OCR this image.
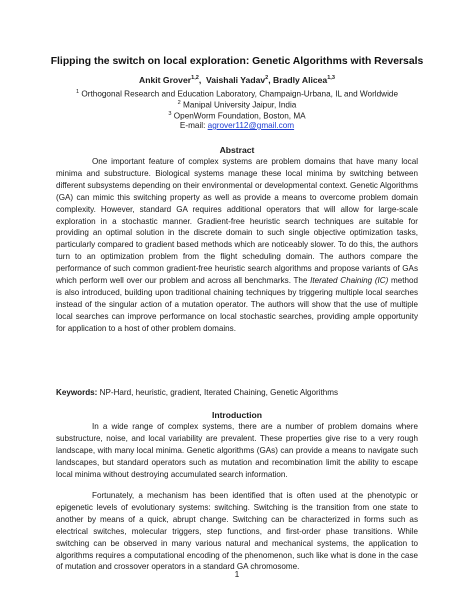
Flipping the switch on local exploration: Genetic Algorithms with Reversals
Ankit Grover$^{1,2}$,  Vaishali Yadav$^2$, Bradly Alicea$^{1,3}$
$^1$ Orthogonal Research and Education Laboratory, Champaign-Urbana, IL and Worldwide
$^2$ Manipal University Jaipur, India
$^3$ OpenWorm Foundation, Boston, MA
E-mail: agrover112@gmail.com
Abstract

One important feature of complex systems are problem domains that have many local minima and substructure. Biological systems manage these local minima by switching between different subsystems depending on their environmental or developmental context. Genetic Algorithms (GA) can mimic this switching property as well as provide a means to overcome problem domain complexity. However, standard GA requires additional operators that will allow for large-scale exploration in a stochastic manner. Gradient-free heuristic search techniques are suitable for providing an optimal solution in the discrete domain to such single objective optimization tasks, particularly compared to gradient based methods which are noticeably slower. To do this, the authors turn to an optimization problem from the flight scheduling domain. The authors compare the performance of such common gradient-free heuristic search algorithms and propose variants of GAs which perform well over our problem and across all benchmarks. The Iterated Chaining (IC) method is also introduced, building upon traditional chaining techniques by triggering multiple local searches instead of the singular action of a mutation operator. The authors will show that the use of multiple local searches can improve performance on local stochastic searches, providing ample opportunity for application to a host of other problem domains.

Keywords: NP-Hard, heuristic, gradient, Iterated Chaining, Genetic Algorithms

Introduction

In a wide range of complex systems, there are a number of problem domains where substructure, noise, and local variability are prevalent. These properties give rise to a very rough landscape, with many local minima. Genetic algorithms (GAs) can provide a means to navigate such landscapes, but standard operators such as mutation and recombination limit the ability to escape local minima without destroying accumulated search information.

Fortunately, a mechanism has been identified that is often used at the phenotypic or epigenetic levels of evolutionary systems: switching. Switching is the transition from one state to another by means of a quick, abrupt change. Switching can be characterized in forms such as electrical switches, molecular triggers, step functions, and first-order phase transitions. While switching can be observed in many various natural and mechanical systems, the application to algorithms requires a computational encoding of the phenomenon, such like what is done in the case of mutation and crossover operators in a standard GA chromosome.

1
